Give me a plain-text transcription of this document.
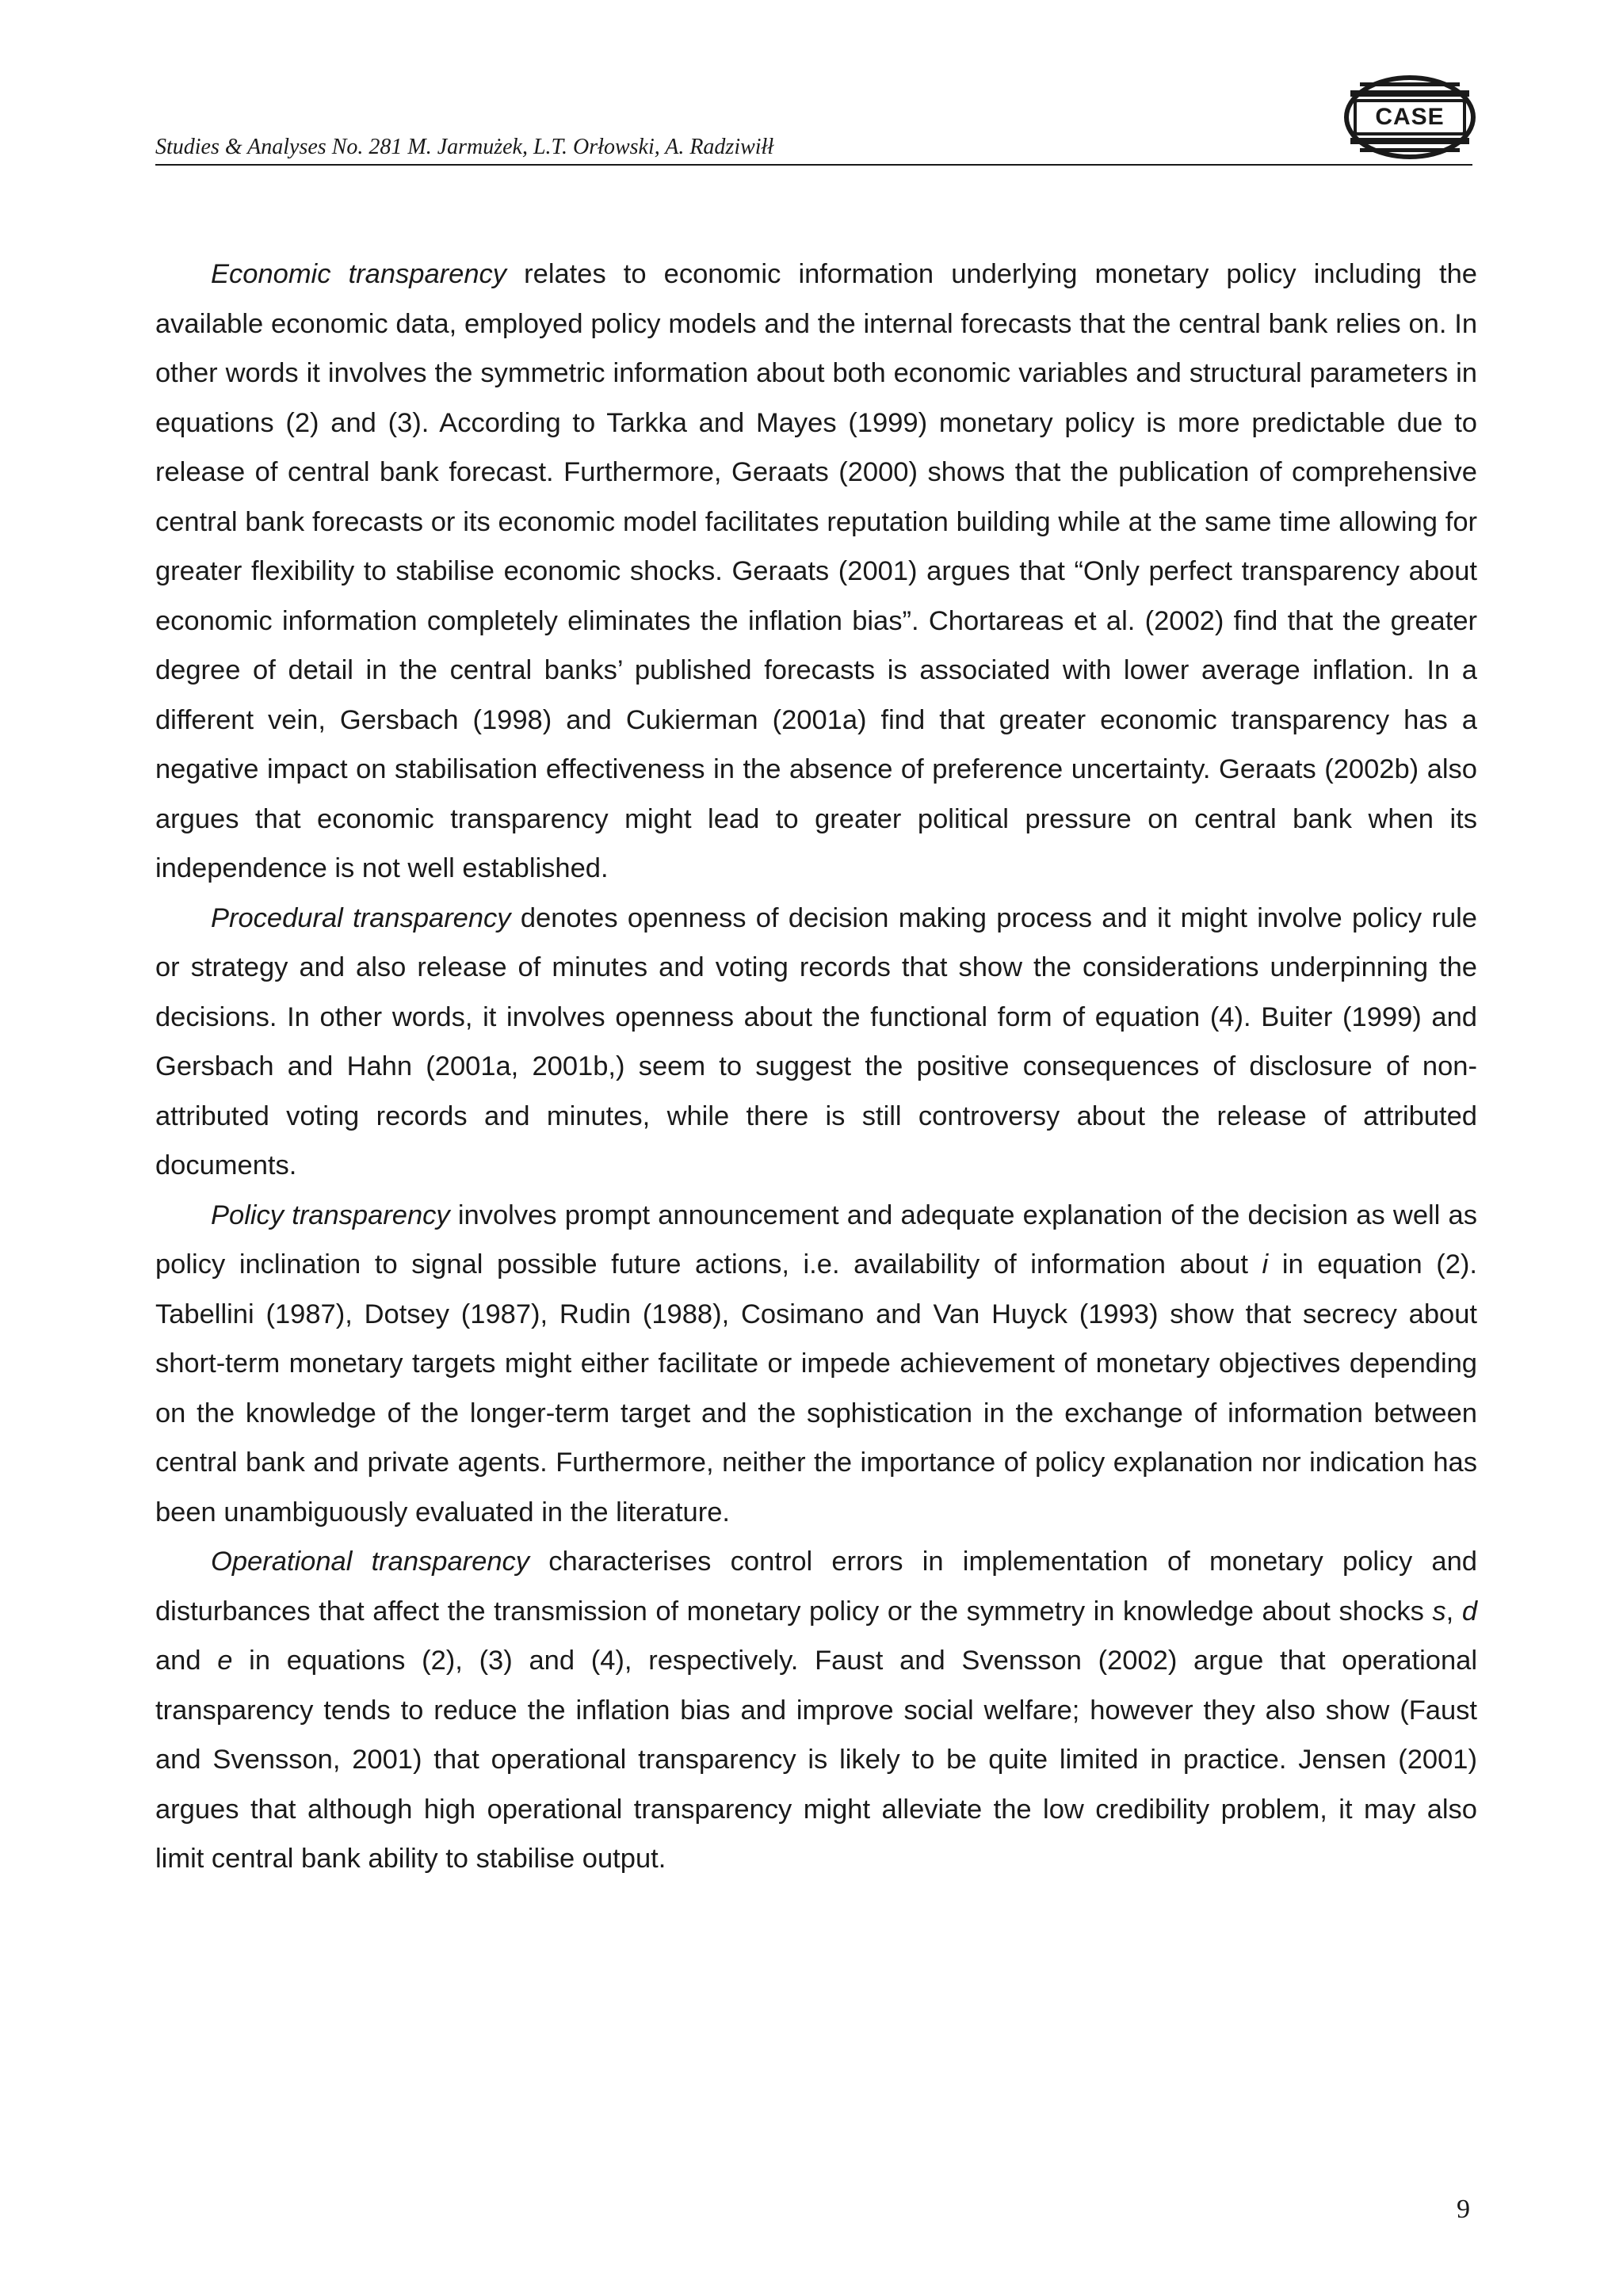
Studies & Analyses No. 281 M. Jarmużek, L.T. Orłowski, A. Radziwiłł
CASE

Economic transparency relates to economic information underlying monetary policy including the available economic data, employed policy models and the internal forecasts that the central bank relies on. In other words it involves the symmetric information about both economic variables and structural parameters in equations (2) and (3). According to Tarkka and Mayes (1999) monetary policy is more predictable due to release of central bank forecast. Furthermore, Geraats (2000) shows that the publication of comprehensive central bank forecasts or its economic model facilitates reputation building while at the same time allowing for greater flexibility to stabilise economic shocks. Geraats (2001) argues that “Only perfect transparency about economic information completely eliminates the inflation bias”. Chortareas et al. (2002) find that the greater degree of detail in the central banks’ published forecasts is associated with lower average inflation. In a different vein, Gersbach (1998) and Cukierman (2001a) find that greater economic transparency has a negative impact on stabilisation effectiveness in the absence of preference uncertainty. Geraats (2002b) also argues that economic transparency might lead to greater political pressure on central bank when its independence is not well established.

Procedural transparency denotes openness of decision making process and it might involve policy rule or strategy and also release of minutes and voting records that show the considerations underpinning the decisions. In other words, it involves openness about the functional form of equation (4). Buiter (1999) and Gersbach and Hahn (2001a, 2001b,) seem to suggest the positive consequences of disclosure of non-attributed voting records and minutes, while there is still controversy about the release of attributed documents.

Policy transparency involves prompt announcement and adequate explanation of the decision as well as policy inclination to signal possible future actions, i.e. availability of information about i in equation (2). Tabellini (1987), Dotsey (1987), Rudin (1988), Cosimano and Van Huyck (1993) show that secrecy about short-term monetary targets might either facilitate or impede achievement of monetary objectives depending on the knowledge of the longer-term target and the sophistication in the exchange of information between central bank and private agents. Furthermore, neither the importance of policy explanation nor indication has been unambiguously evaluated in the literature.

Operational transparency characterises control errors in implementation of monetary policy and disturbances that affect the transmission of monetary policy or the symmetry in knowledge about shocks s, d and e in equations (2), (3) and (4), respectively. Faust and Svensson (2002) argue that operational transparency tends to reduce the inflation bias and improve social welfare; however they also show (Faust and Svensson, 2001) that operational transparency is likely to be quite limited in practice. Jensen (2001) argues that although high operational transparency might alleviate the low credibility problem, it may also limit central bank ability to stabilise output.

9
